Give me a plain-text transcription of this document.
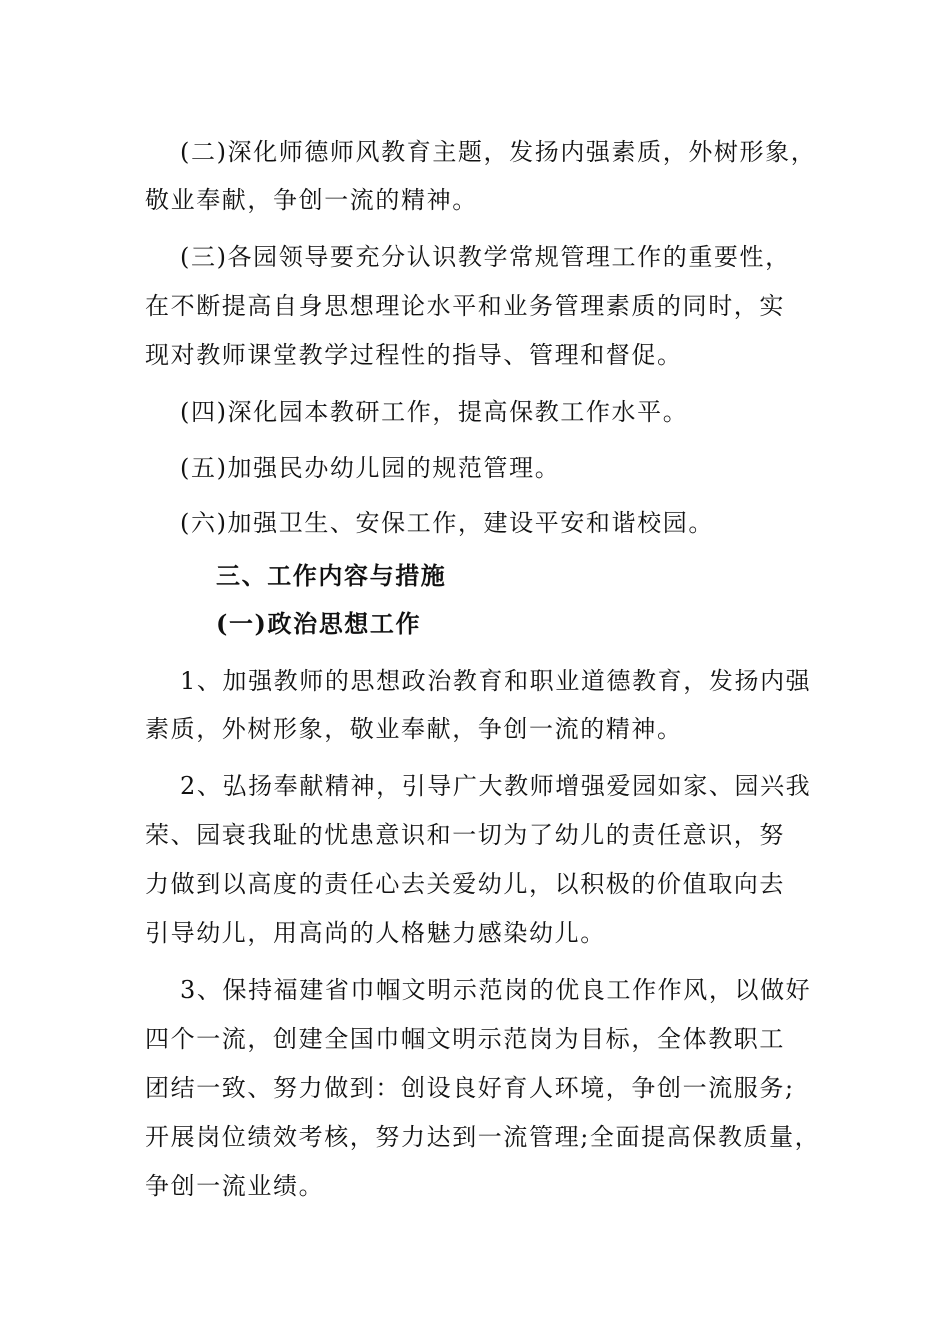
(二)深化师德师风教育主题，发扬内强素质，外树形象，
敬业奉献，争创一流的精神。
(三)各园领导要充分认识教学常规管理工作的重要性，
在不断提高自身思想理论水平和业务管理素质的同时，实
现对教师课堂教学过程性的指导、管理和督促。
(四)深化园本教研工作，提高保教工作水平。
(五)加强民办幼儿园的规范管理。
(六)加强卫生、安保工作，建设平安和谐校园。
三、工作内容与措施
(一)政治思想工作
1、加强教师的思想政治教育和职业道德教育，发扬内强
素质，外树形象，敬业奉献，争创一流的精神。
2、弘扬奉献精神，引导广大教师增强爱园如家、园兴我
荣、园衰我耻的忧患意识和一切为了幼儿的责任意识，努
力做到以高度的责任心去关爱幼儿，以积极的价值取向去
引导幼儿，用高尚的人格魅力感染幼儿。
3、保持福建省巾帼文明示范岗的优良工作作风，以做好
四个一流，创建全国巾帼文明示范岗为目标，全体教职工
团结一致、努力做到：创设良好育人环境，争创一流服务;
开展岗位绩效考核，努力达到一流管理;全面提高保教质量，
争创一流业绩。
